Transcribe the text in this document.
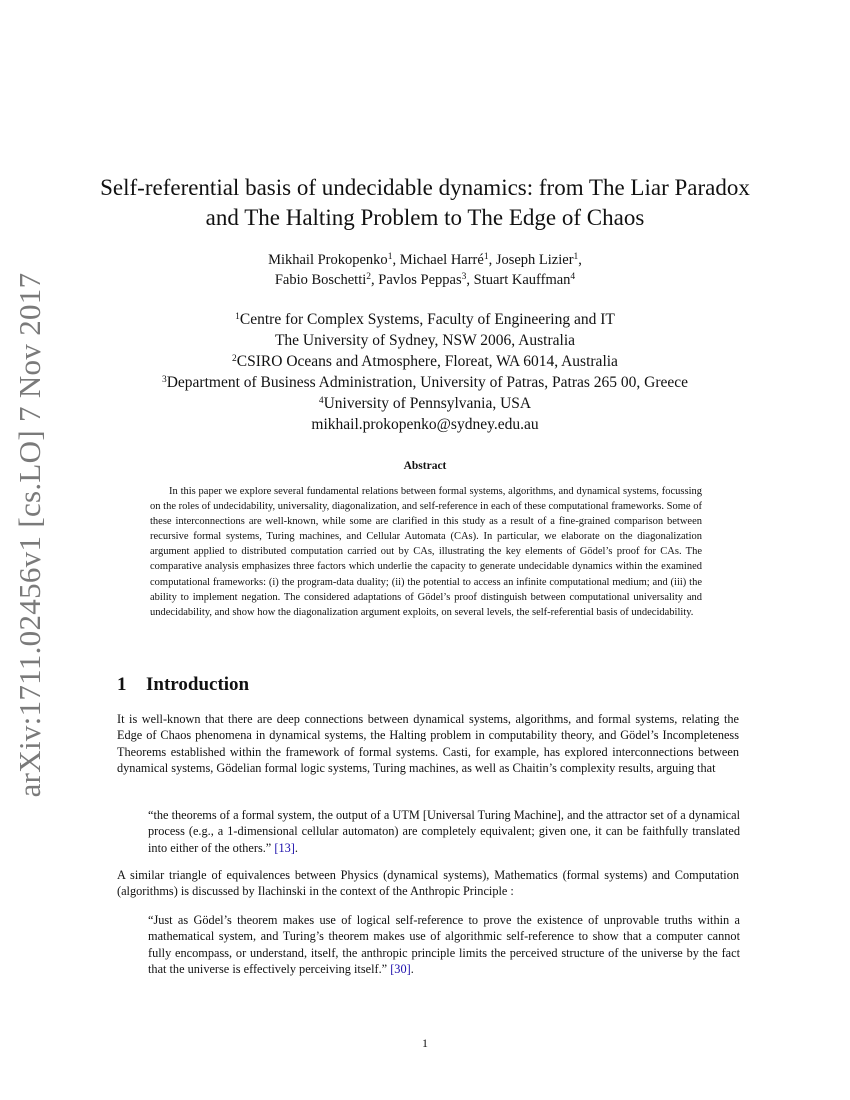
arXiv:1711.02456v1 [cs.LO] 7 Nov 2017
Self-referential basis of undecidable dynamics: from The Liar Paradox and The Halting Problem to The Edge of Chaos
Mikhail Prokopenko$^1$, Michael Harré$^1$, Joseph Lizier$^1$,
Fabio Boschetti$^2$, Pavlos Peppas$^3$, Stuart Kauffman$^4$
$^1$Centre for Complex Systems, Faculty of Engineering and IT
The University of Sydney, NSW 2006, Australia
$^2$CSIRO Oceans and Atmosphere, Floreat, WA 6014, Australia
$^3$Department of Business Administration, University of Patras, Patras 265 00, Greece
$^4$University of Pennsylvania, USA
mikhail.prokopenko@sydney.edu.au
Abstract

In this paper we explore several fundamental relations between formal systems, algorithms, and dynamical systems, focussing on the roles of undecidability, universality, diagonalization, and self-reference in each of these computational frameworks. Some of these interconnections are well-known, while some are clarified in this study as a result of a fine-grained comparison between recursive formal systems, Turing machines, and Cellular Automata (CAs). In particular, we elaborate on the diagonalization argument applied to distributed computation carried out by CAs, illustrating the key elements of Gödel’s proof for CAs. The comparative analysis emphasizes three factors which underlie the capacity to generate undecidable dynamics within the examined computational frameworks: (i) the program-data duality; (ii) the potential to access an infinite computational medium; and (iii) the ability to implement negation. The considered adaptations of Gödel’s proof distinguish between computational universality and undecidability, and show how the diagonalization argument exploits, on several levels, the self-referential basis of undecidability.

1 Introduction

It is well-known that there are deep connections between dynamical systems, algorithms, and formal systems, relating the Edge of Chaos phenomena in dynamical systems, the Halting problem in computability theory, and Gödel’s Incompleteness Theorems established within the framework of formal systems. Casti, for example, has explored interconnections between dynamical systems, Gödelian formal logic systems, Turing machines, as well as Chaitin’s complexity results, arguing that

“the theorems of a formal system, the output of a UTM [Universal Turing Machine], and the attractor set of a dynamical process (e.g., a 1-dimensional cellular automaton) are completely equivalent; given one, it can be faithfully translated into either of the others.” [13].

A similar triangle of equivalences between Physics (dynamical systems), Mathematics (formal systems) and Computation (algorithms) is discussed by Ilachinski in the context of the Anthropic Principle :

“Just as Gödel’s theorem makes use of logical self-reference to prove the existence of unprovable truths within a mathematical system, and Turing’s theorem makes use of algorithmic self-reference to show that a computer cannot fully encompass, or understand, itself, the anthropic principle limits the perceived structure of the universe by the fact that the universe is effectively perceiving itself.” [30].

1
